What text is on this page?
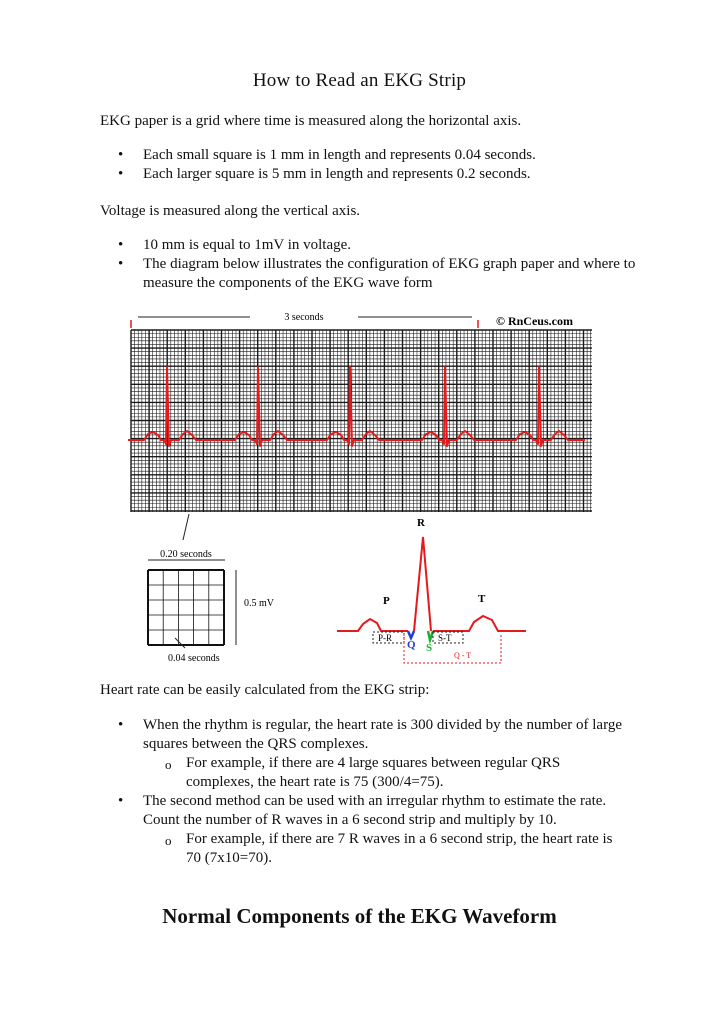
How to Read an EKG Strip

EKG paper is a grid where time is measured along the horizontal axis.

• Each small square is 1 mm in length and represents 0.04 seconds.
• Each larger square is 5 mm in length and represents 0.2 seconds.

Voltage is measured along the vertical axis.

• 10 mm is equal to 1mV in voltage.
• The diagram below illustrates the configuration of EKG graph paper and where to measure the components of the EKG wave form
3 seconds	© RnCeus.com
0.20 seconds
0.5 mV
0.04 seconds
R
P	T
Q S
P-R	S-T
Q - T

Heart rate can be easily calculated from the EKG strip:

• When the rhythm is regular, the heart rate is 300 divided by the number of large squares between the QRS complexes.
o For example, if there are 4 large squares between regular QRS complexes, the heart rate is 75 (300/4=75).
• The second method can be used with an irregular rhythm to estimate the rate. Count the number of R waves in a 6 second strip and multiply by 10.
o For example, if there are 7 R waves in a 6 second strip, the heart rate is 70 (7x10=70).
Normal Components of the EKG Waveform
